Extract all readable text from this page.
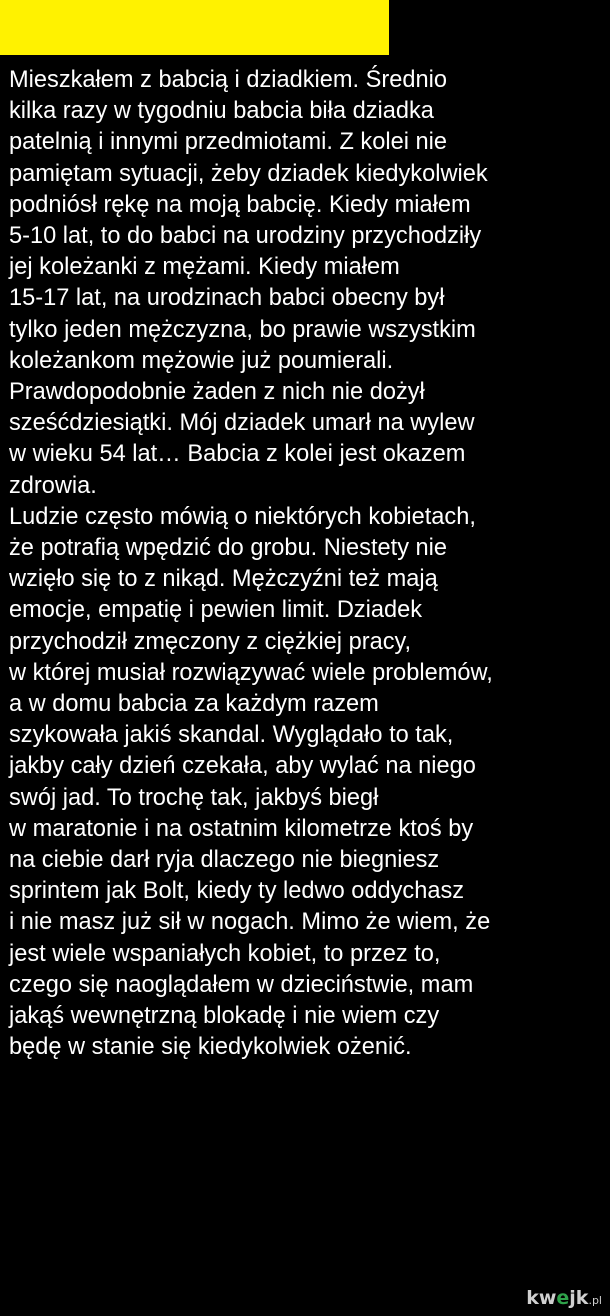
Mieszkałem z babcią i dziadkiem. Średnio
kilka razy w tygodniu babcia biła dziadka
patelnią i innymi przedmiotami. Z kolei nie
pamiętam sytuacji, żeby dziadek kiedykolwiek
podniósł rękę na moją babcię. Kiedy miałem
5-10 lat, to do babci na urodziny przychodziły
jej koleżanki z mężami. Kiedy miałem
15-17 lat, na urodzinach babci obecny był
tylko jeden mężczyzna, bo prawie wszystkim
koleżankom mężowie już poumierali.
Prawdopodobnie żaden z nich nie dożył
sześćdziesiątki. Mój dziadek umarł na wylew
w wieku 54 lat… Babcia z kolei jest okazem
zdrowia.
Ludzie często mówią o niektórych kobietach,
że potrafią wpędzić do grobu. Niestety nie
wzięło się to z nikąd. Mężczyźni też mają
emocje, empatię i pewien limit. Dziadek
przychodził zmęczony z ciężkiej pracy,
w której musiał rozwiązywać wiele problemów,
a w domu babcia za każdym razem
szykowała jakiś skandal. Wyglądało to tak,
jakby cały dzień czekała, aby wylać na niego
swój jad. To trochę tak, jakbyś biegł
w maratonie i na ostatnim kilometrze ktoś by
na ciebie darł ryja dlaczego nie biegniesz
sprintem jak Bolt, kiedy ty ledwo oddychasz
i nie masz już sił w nogach. Mimo że wiem, że
jest wiele wspaniałych kobiet, to przez to,
czego się naoglądałem w dzieciństwie, mam
jakąś wewnętrzną blokadę i nie wiem czy
będę w stanie się kiedykolwiek ożenić.
kwejk.pl
